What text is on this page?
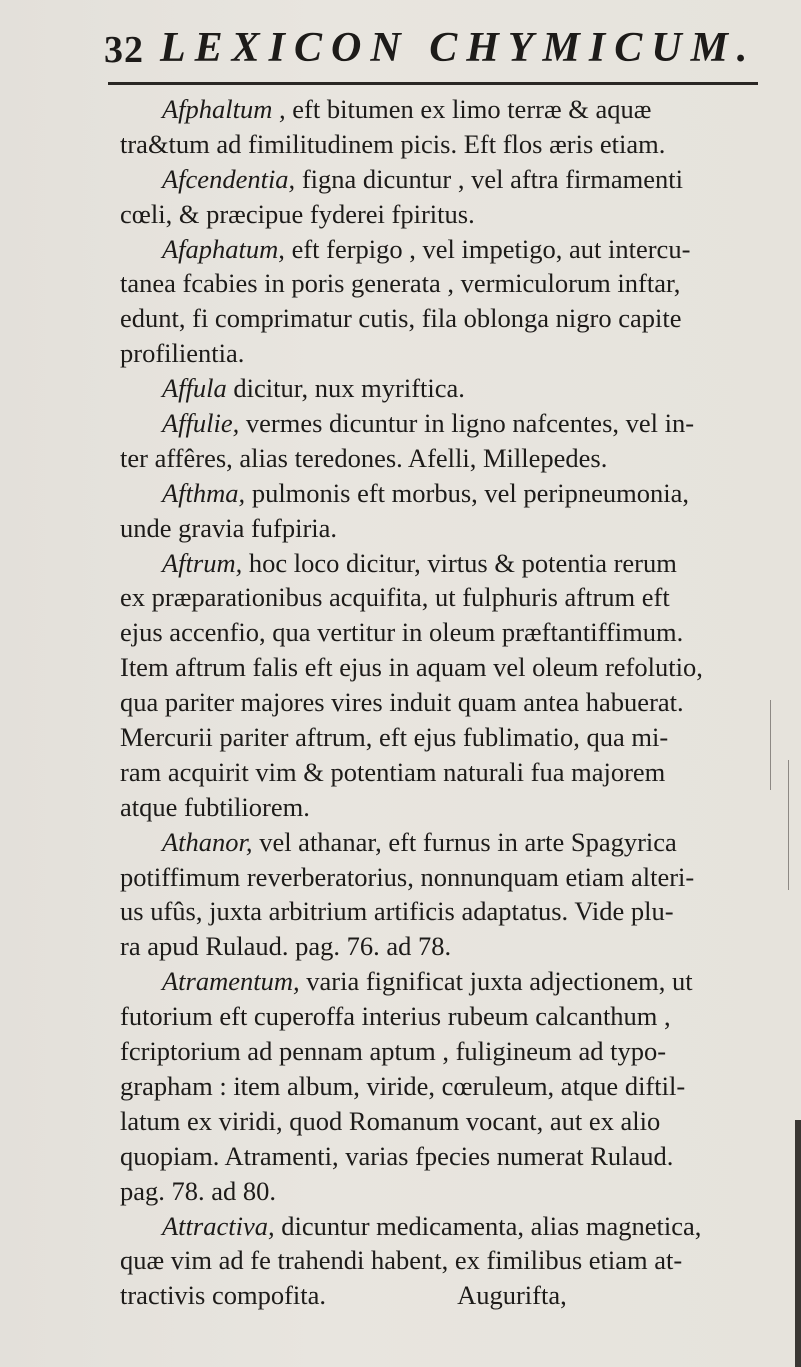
32 LEXICON CHYMICUM.
Afphaltum , eft bitumen ex limo terræ & aquæ
tra&tum ad fimilitudinem picis. Eft flos æris etiam.
Afcendentia, figna dicuntur , vel aftra firmamenti
cœli, & præcipue fyderei fpiritus.
Afaphatum, eft ferpigo , vel impetigo, aut intercu-
tanea fcabies in poris generata , vermiculorum inftar,
edunt, fi comprimatur cutis, fila oblonga nigro capite
profilientia.
Affula dicitur, nux myriftica.
Affulie, vermes dicuntur in ligno nafcentes, vel in-
ter affêres, alias teredones. Afelli, Millepedes.
Afthma, pulmonis eft morbus, vel peripneumonia,
unde gravia fufpiria.
Aftrum, hoc loco dicitur, virtus & potentia rerum
ex præparationibus acquifita, ut fulphuris aftrum eft
ejus accenfio, qua vertitur in oleum præftantiffimum.
Item aftrum falis eft ejus in aquam vel oleum refolutio,
qua pariter majores vires induit quam antea habuerat.
Mercurii pariter aftrum, eft ejus fublimatio, qua mi-
ram acquirit vim & potentiam naturali fua majorem
atque fubtiliorem.
Athanor, vel athanar, eft furnus in arte Spagyrica
potiffimum reverberatorius, nonnunquam etiam alteri-
us ufûs, juxta arbitrium artificis adaptatus. Vide plu-
ra apud Rulaud. pag. 76. ad 78.
Atramentum, varia fignificat juxta adjectionem, ut
futorium eft cuperoffa interius rubeum calcanthum ,
fcriptorium ad pennam aptum , fuligineum ad typo-
grapham : item album, viride, cœruleum, atque diftil-
latum ex viridi, quod Romanum vocant, aut ex alio
quopiam. Atramenti, varias fpecies numerat Rulaud.
pag. 78. ad 80.
Attractiva, dicuntur medicamenta, alias magnetica,
quæ vim ad fe trahendi habent, ex fimilibus etiam at-
tractivis compofita.                    Augurifta,
